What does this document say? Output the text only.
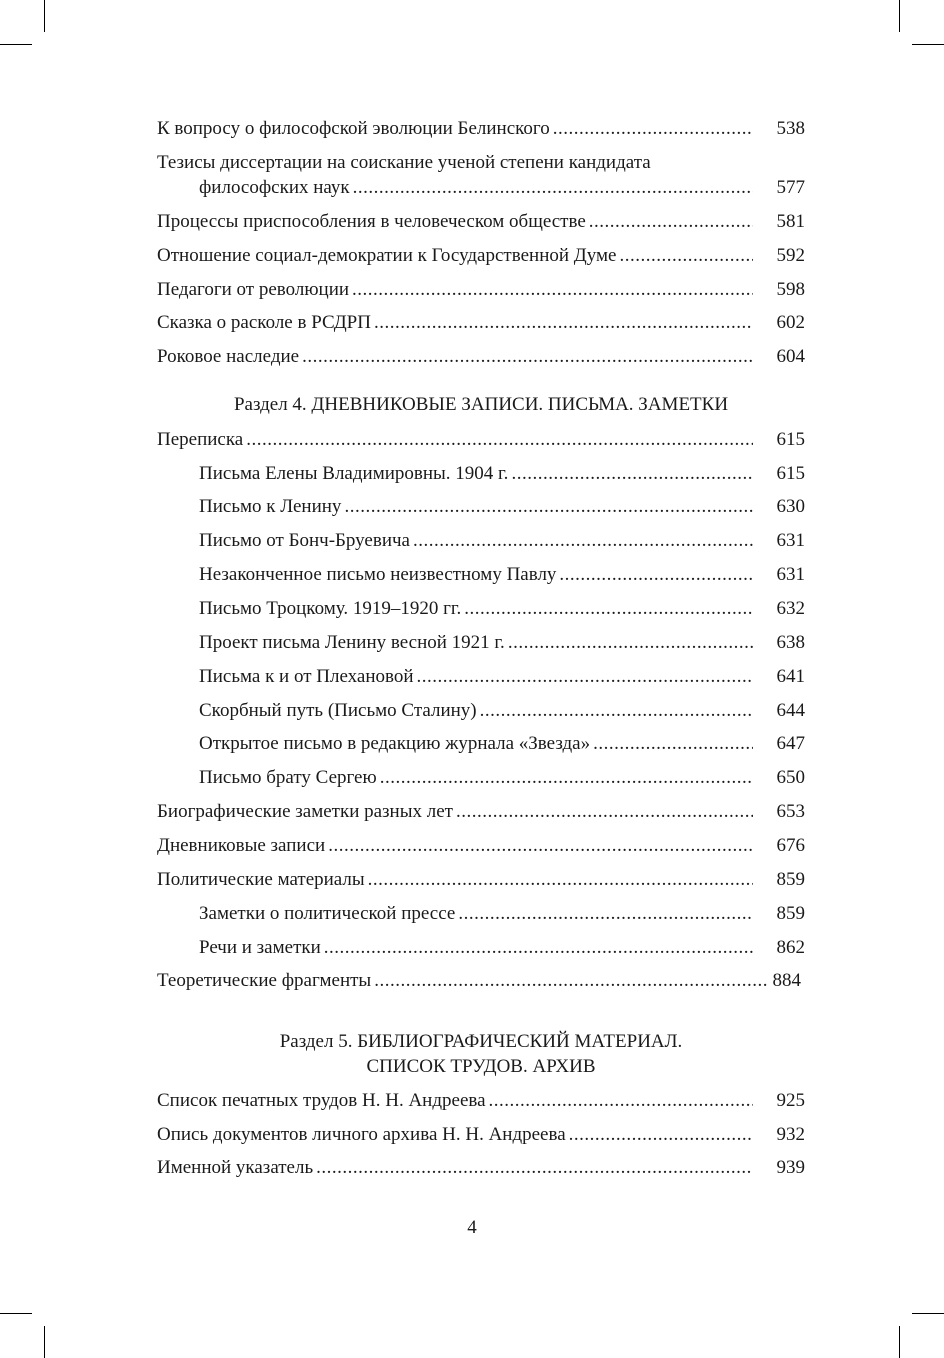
К вопросу о философской эволюции Белинского .....	538
Тезисы диссертации на соискание ученой степени кандидата
философских наук .....	577
Процессы приспособления в человеческом обществе .....	581
Отношение социал-демократии к Государственной Думе .....	592
Педагоги от революции .....	598
Сказка о расколе в РСДРП .....	602
Роковое наследие .....	604
Раздел 4. ДНЕВНИКОВЫЕ ЗАПИСИ. ПИСЬМА. ЗАМЕТКИ
Переписка .....	615
Письма Елены Владимировны. 1904 г. .....	615
Письмо к Ленину .....	630
Письмо от Бонч-Бруевича .....	631
Незаконченное письмо неизвестному Павлу .....	631
Письмо Троцкому. 1919–1920 гг. .....	632
Проект письма Ленину весной 1921 г. .....	638
Письма к и от Плехановой .....	641
Скорбный путь (Письмо Сталину) .....	644
Открытое письмо в редакцию журнала «Звезда» .....	647
Письмо брату Сергею .....	650
Биографические заметки разных лет .....	653
Дневниковые записи .....	676
Политические материалы .....	859
Заметки о политической прессе .....	859
Речи и заметки .....	862
Теоретические фрагменты .....	884
Раздел 5. БИБЛИОГРАФИЧЕСКИЙ МАТЕРИАЛ.
СПИСОК ТРУДОВ. АРХИВ
Список печатных трудов Н. Н. Андреева .....	925
Опись документов личного архива Н. Н. Андреева .....	932
Именной указатель .....	939
4
